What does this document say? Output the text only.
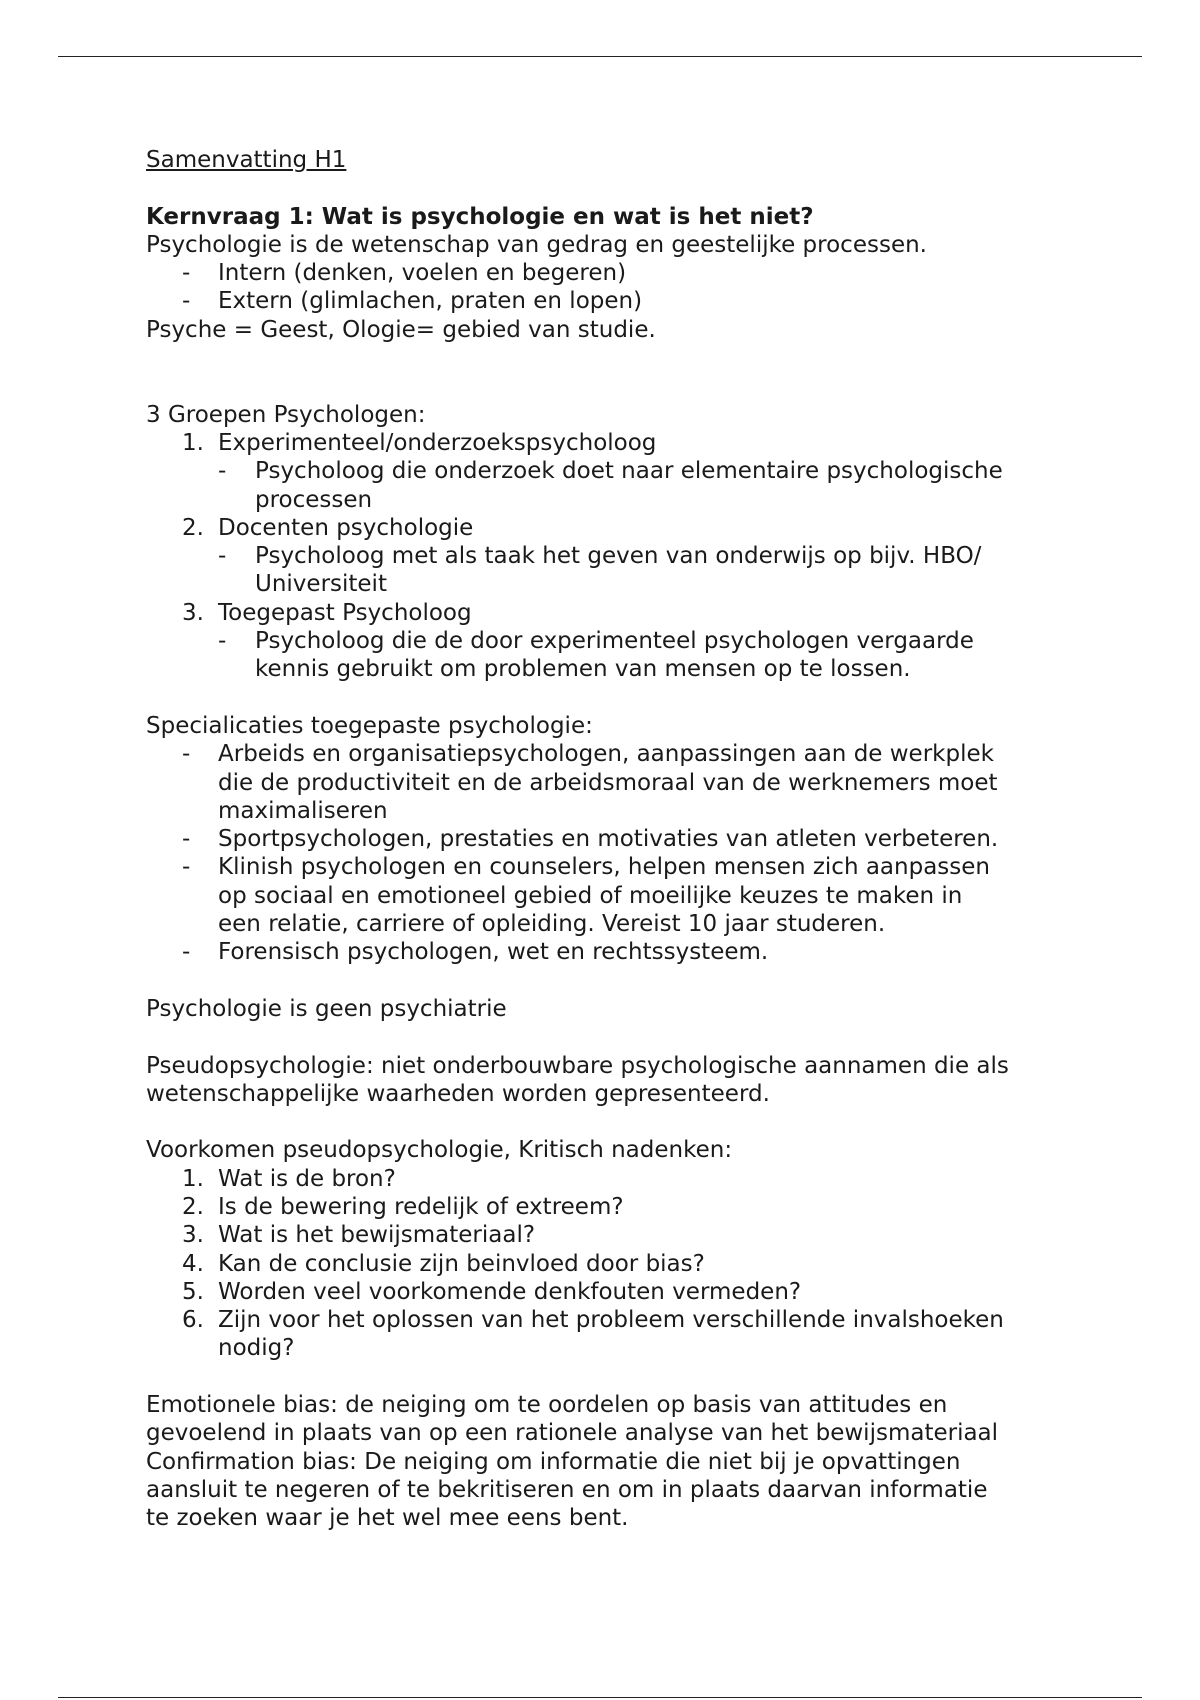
Samenvatting H1

Kernvraag 1: Wat is psychologie en wat is het niet?

Psychologie is de wetenschap van gedrag en geestelijke processen.

- Intern (denken, voelen en begeren)
- Extern (glimlachen, praten en lopen)

Psyche = Geest, Ologie= gebied van studie.

3 Groepen Psychologen:

1. Experimenteel/onderzoekspsycholoog
- Psycholoog die onderzoek doet naar elementaire psychologische
processen
2. Docenten psychologie
- Psycholoog met als taak het geven van onderwijs op bijv. HBO/
Universiteit
3. Toegepast Psycholoog
- Psycholoog die de door experimenteel psychologen vergaarde
kennis gebruikt om problemen van mensen op te lossen.

Specialicaties toegepaste psychologie:

- Arbeids en organisatiepsychologen, aanpassingen aan de werkplek
die de productiviteit en de arbeidsmoraal van de werknemers moet
maximaliseren
- Sportpsychologen, prestaties en motivaties van atleten verbeteren.
- Klinish psychologen en counselers, helpen mensen zich aanpassen
op sociaal en emotioneel gebied of moeilijke keuzes te maken in
een relatie, carriere of opleiding. Vereist 10 jaar studeren.
- Forensisch psychologen, wet en rechtssysteem.

Psychologie is geen psychiatrie

Pseudopsychologie: niet onderbouwbare psychologische aannamen die als

wetenschappelijke waarheden worden gepresenteerd.

Voorkomen pseudopsychologie, Kritisch nadenken:

1. Wat is de bron?
2. Is de bewering redelijk of extreem?
3. Wat is het bewijsmateriaal?
4. Kan de conclusie zijn beinvloed door bias?
5. Worden veel voorkomende denkfouten vermeden?
6. Zijn voor het oplossen van het probleem verschillende invalshoeken
nodig?

Emotionele bias: de neiging om te oordelen op basis van attitudes en

gevoelend in plaats van op een rationele analyse van het bewijsmateriaal

Confirmation bias: De neiging om informatie die niet bij je opvattingen

aansluit te negeren of te bekritiseren en om in plaats daarvan informatie

te zoeken waar je het wel mee eens bent.
